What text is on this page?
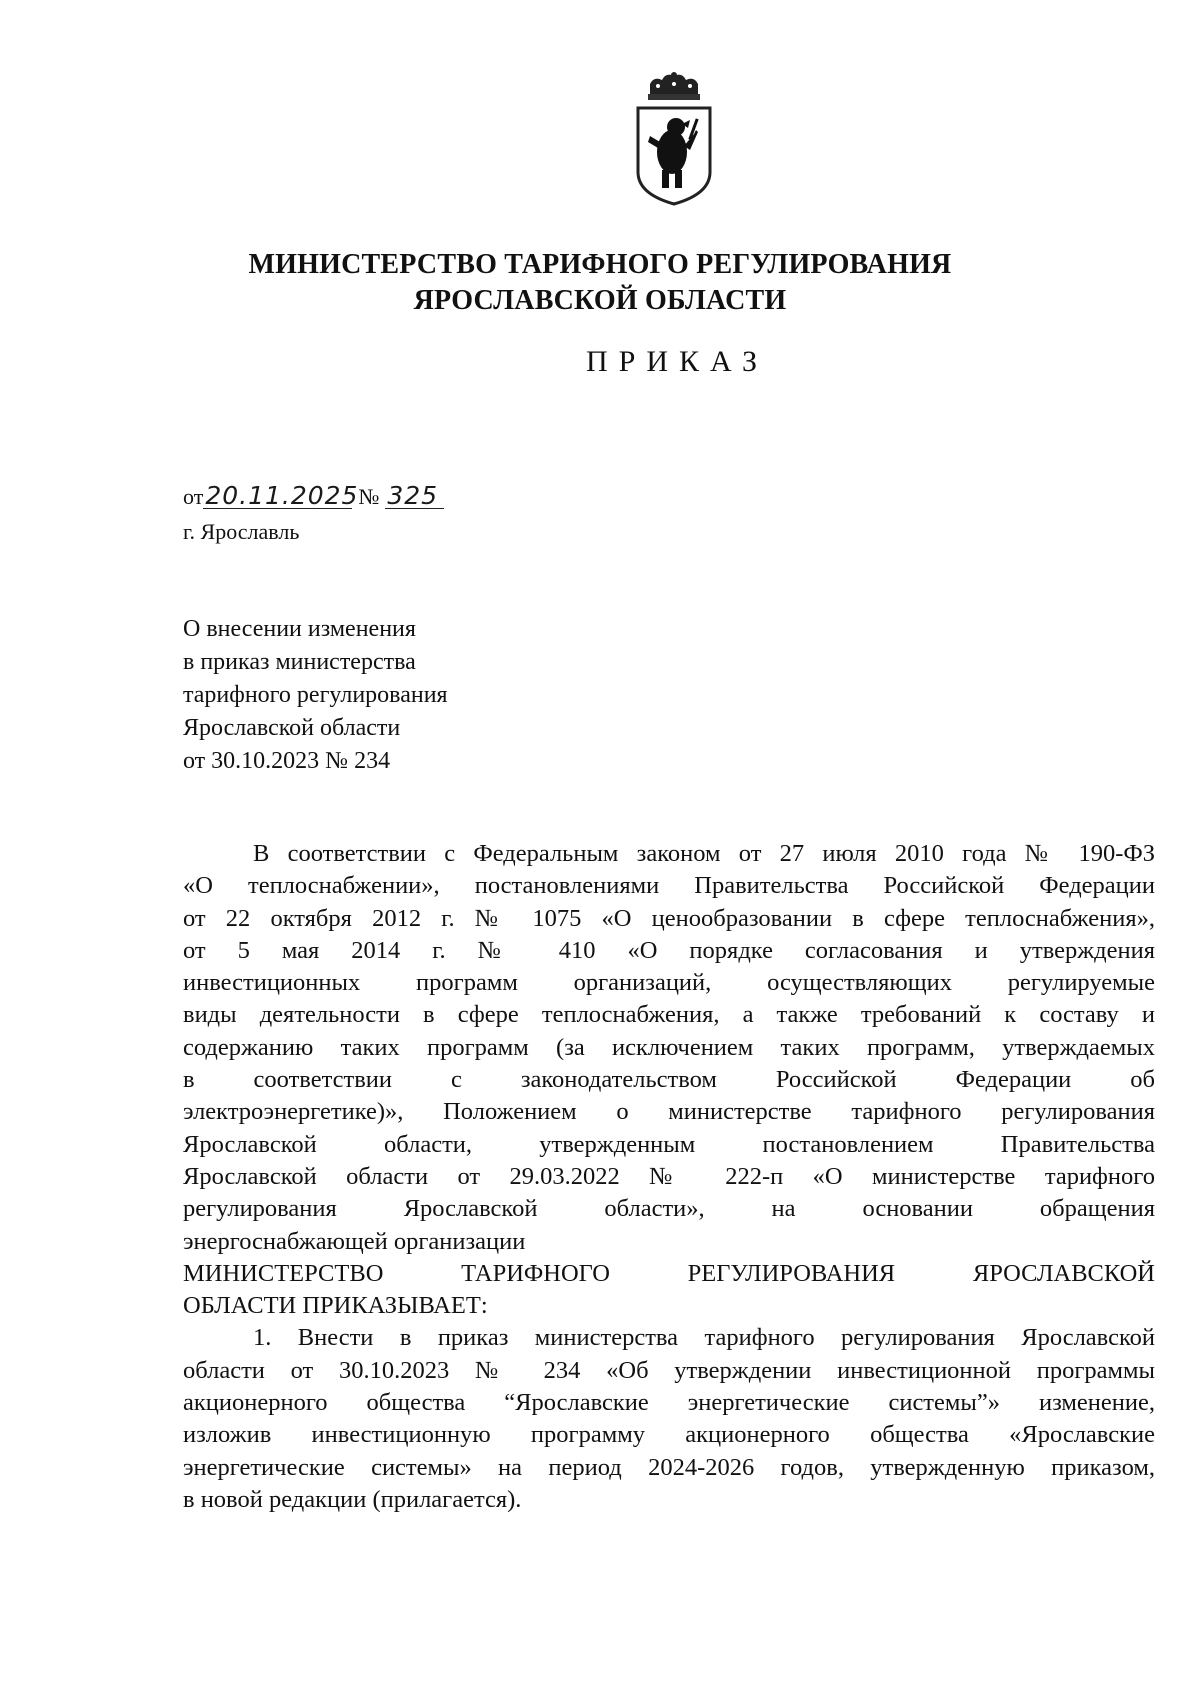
МИНИСТЕРСТВО ТАРИФНОГО РЕГУЛИРОВАНИЯ
ЯРОСЛАВСКОЙ ОБЛАСТИ
ПРИКАЗ
от20.11.2025№ 325
г. Ярославль
О внесении изменения
в приказ министерства
тарифного регулирования
Ярославской области
от 30.10.2023 № 234
В соответствии с Федеральным законом от 27 июля 2010 года № 190-ФЗ
«О теплоснабжении», постановлениями Правительства Российской Федерации
от 22 октября 2012 г. № 1075 «О ценообразовании в сфере теплоснабжения»,
от 5 мая 2014 г. № 410 «О порядке согласования и утверждения
инвестиционных программ организаций, осуществляющих регулируемые
виды деятельности в сфере теплоснабжения, а также требований к составу и
содержанию таких программ (за исключением таких программ, утверждаемых
в соответствии с законодательством Российской Федерации об
электроэнергетике)», Положением о министерстве тарифного регулирования
Ярославской области, утвержденным постановлением Правительства
Ярославской области от 29.03.2022 № 222-п «О министерстве тарифного
регулирования Ярославской области», на основании обращения
энергоснабжающей организации
МИНИСТЕРСТВО ТАРИФНОГО РЕГУЛИРОВАНИЯ ЯРОСЛАВСКОЙ
ОБЛАСТИ ПРИКАЗЫВАЕТ:
1. Внести в приказ министерства тарифного регулирования Ярославской
области от 30.10.2023 № 234 «Об утверждении инвестиционной программы
акционерного общества “Ярославские энергетические системы”» изменение,
изложив инвестиционную программу акционерного общества «Ярославские
энергетические системы» на период 2024-2026 годов, утвержденную приказом,
в новой редакции (прилагается).
